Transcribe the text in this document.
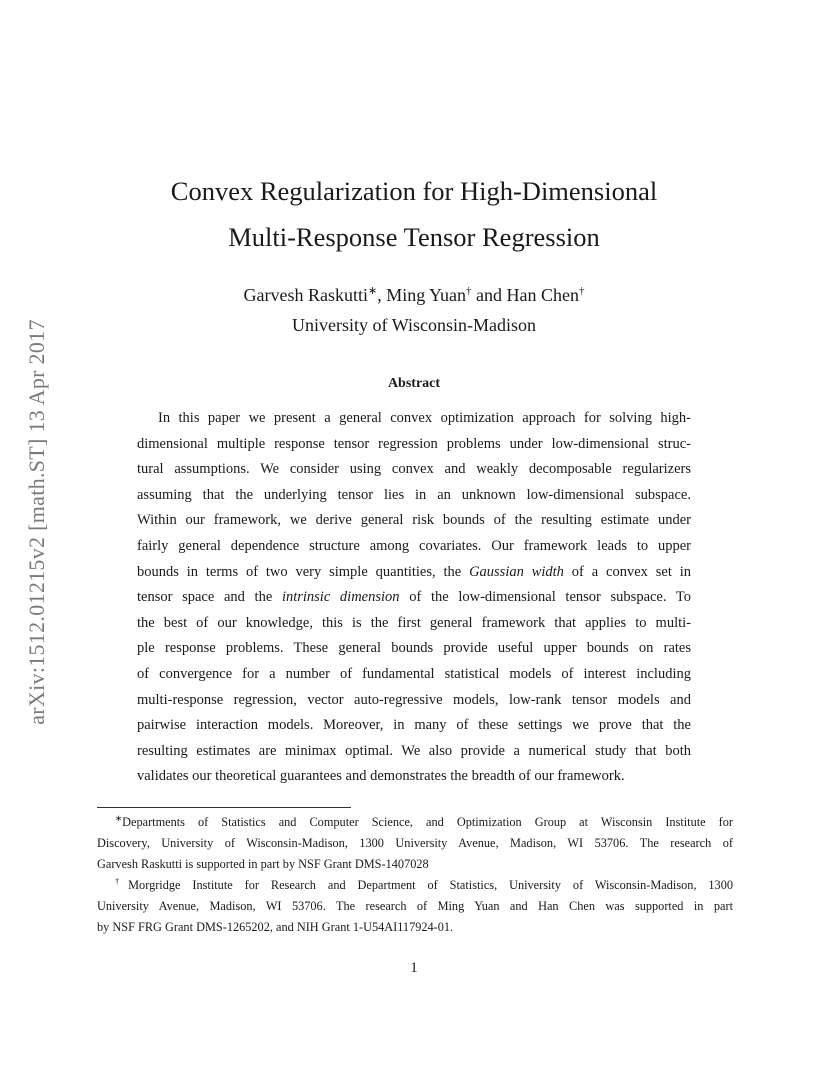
arXiv:1512.01215v2 [math.ST] 13 Apr 2017
Convex Regularization for High-Dimensional
Multi-Response Tensor Regression
Garvesh Raskutti∗, Ming Yuan† and Han Chen†
University of Wisconsin-Madison
Abstract
In this paper we present a general convex optimization approach for solving high-
dimensional multiple response tensor regression problems under low-dimensional struc-
tural assumptions. We consider using convex and weakly decomposable regularizers
assuming that the underlying tensor lies in an unknown low-dimensional subspace.
Within our framework, we derive general risk bounds of the resulting estimate under
fairly general dependence structure among covariates. Our framework leads to upper
bounds in terms of two very simple quantities, the Gaussian width of a convex set in
tensor space and the intrinsic dimension of the low-dimensional tensor subspace. To
the best of our knowledge, this is the first general framework that applies to multi-
ple response problems. These general bounds provide useful upper bounds on rates
of convergence for a number of fundamental statistical models of interest including
multi-response regression, vector auto-regressive models, low-rank tensor models and
pairwise interaction models. Moreover, in many of these settings we prove that the
resulting estimates are minimax optimal. We also provide a numerical study that both
validates our theoretical guarantees and demonstrates the breadth of our framework.
∗Departments of Statistics and Computer Science, and Optimization Group at Wisconsin Institute for
Discovery, University of Wisconsin-Madison, 1300 University Avenue, Madison, WI 53706. The research of
Garvesh Raskutti is supported in part by NSF Grant DMS-1407028
†Morgridge Institute for Research and Department of Statistics, University of Wisconsin-Madison, 1300
University Avenue, Madison, WI 53706. The research of Ming Yuan and Han Chen was supported in part
by NSF FRG Grant DMS-1265202, and NIH Grant 1-U54AI117924-01.
1
